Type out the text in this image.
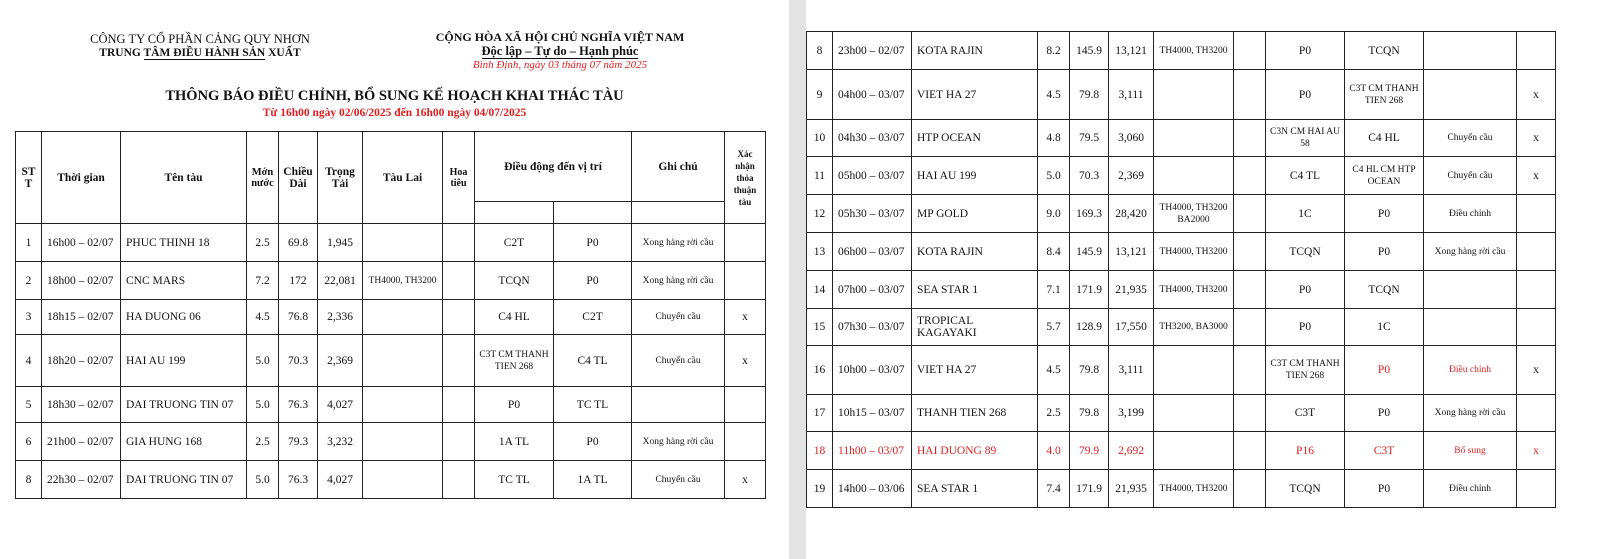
CÔNG TY CỔ PHẦN CẢNG QUY NHƠN
TRUNG TÂM ĐIỀU HÀNH SẢN XUẤT
CỘNG HÒA XÃ HỘI CHỦ NGHĨA VIỆT NAM
Độc lập – Tự do – Hạnh phúc
Bình Định, ngày 03 tháng 07 năm 2025
THÔNG BÁO ĐIỀU CHỈNH, BỔ SUNG KẾ HOẠCH KHAI THÁC TÀU
Từ 16h00 ngày 02/06/2025 đến 16h00 ngày 04/07/2025
ST T	Thời gian	Tên tàu	Mớn nước	Chiều Dài	Trọng Tải	Tàu Lai	Hoa tiêu	Điều động đến vị trí		Ghi chú	Xác nhận thỏa thuận tàu

1	16h00 – 02/07	PHUC THINH 18	2.5	69.8	1,945			C2T	P0	Xong hàng rời cầu	
2	18h00 – 02/07	CNC MARS	7.2	172	22,081	TH4000, TH3200		TCQN	P0	Xong hàng rời cầu	
3	18h15 – 02/07	HA DUONG 06	4.5	76.8	2,336			C4 HL	C2T	Chuyển cầu	x
4	18h20 – 02/07	HAI AU 199	5.0	70.3	2,369			C3T CM THANH TIEN 268	C4 TL	Chuyển cầu	x
5	18h30 – 02/07	DAI TRUONG TIN 07	5.0	76.3	4,027			P0	TC TL		
6	21h00 – 02/07	GIA HUNG 168	2.5	79.3	3,232			1A TL	P0	Xong hàng rời cầu	
8	22h30 – 02/07	DAI TRUONG TIN 07	5.0	76.3	4,027			TC TL	1A TL	Chuyển cầu	x
8	23h00 – 02/07	KOTA RAJIN	8.2	145.9	13,121	TH4000, TH3200		P0	TCQN		
9	04h00 – 03/07	VIET HA 27	4.5	79.8	3,111			P0	C3T CM THANH TIEN 268		x
10	04h30 – 03/07	HTP OCEAN	4.8	79.5	3,060			C3N CM HAI AU 58	C4 HL	Chuyển cầu	x
11	05h00 – 03/07	HAI AU 199	5.0	70.3	2,369			C4 TL	C4 HL CM HTP OCEAN	Chuyển cầu	x
12	05h30 – 03/07	MP GOLD	9.0	169.3	28,420	TH4000, TH3200 BA2000		1C	P0	Điều chỉnh	
13	06h00 – 03/07	KOTA RAJIN	8.4	145.9	13,121	TH4000, TH3200		TCQN	P0	Xong hàng rời cầu	
14	07h00 – 03/07	SEA STAR 1	7.1	171.9	21,935	TH4000, TH3200		P0	TCQN		
15	07h30 – 03/07	TROPICAL KAGAYAKI	5.7	128.9	17,550	TH3200, BA3000		P0	1C		
16	10h00 – 03/07	VIET HA 27	4.5	79.8	3,111			C3T CM THANH TIEN 268	P0	Điều chỉnh	x
17	10h15 – 03/07	THANH TIEN 268	2.5	79.8	3,199			C3T	P0	Xong hàng rời cầu	
18	11h00 – 03/07	HAI DUONG 89	4.0	79.9	2,692			P16	C3T	Bổ sung	x
19	14h00 – 03/06	SEA STAR 1	7.4	171.9	21,935	TH4000, TH3200		TCQN	P0	Điều chỉnh	
